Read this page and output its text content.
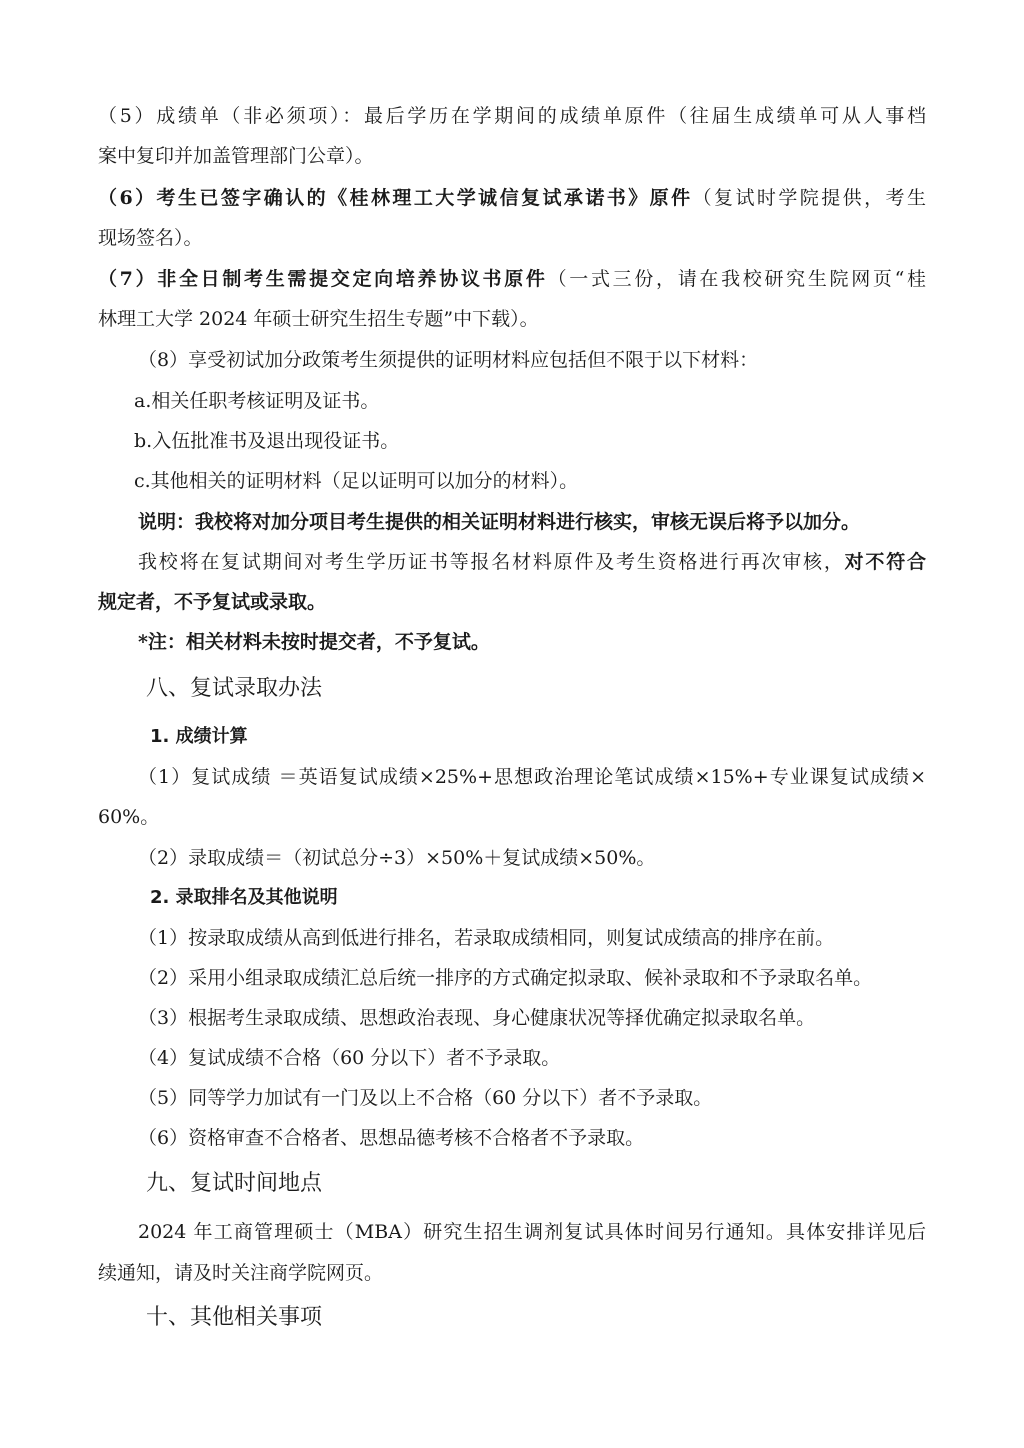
（5）成绩单（非必须项）：最后学历在学期间的成绩单原件（往届生成绩单可从人事档
案中复印并加盖管理部门公章）。
（6）考生已签字确认的《桂林理工大学诚信复试承诺书》原件（复试时学院提供，考生
现场签名）。
（7）非全日制考生需提交定向培养协议书原件（一式三份，请在我校研究生院网页“桂
林理工大学 2024 年硕士研究生招生专题”中下载）。
（8）享受初试加分政策考生须提供的证明材料应包括但不限于以下材料：
a.相关任职考核证明及证书。
b.入伍批准书及退出现役证书。
c.其他相关的证明材料（足以证明可以加分的材料）。
说明：我校将对加分项目考生提供的相关证明材料进行核实，审核无误后将予以加分。
我校将在复试期间对考生学历证书等报名材料原件及考生资格进行再次审核，对不符合
规定者，不予复试或录取。
*注：相关材料未按时提交者，不予复试。
八、复试录取办法
1. 成绩计算
（1）复试成绩 ＝英语复试成绩×25%+思想政治理论笔试成绩×15%+专业课复试成绩×
60%。
（2）录取成绩＝（初试总分÷3）×50%＋复试成绩×50%。
2. 录取排名及其他说明
（1）按录取成绩从高到低进行排名，若录取成绩相同，则复试成绩高的排序在前。
（2）采用小组录取成绩汇总后统一排序的方式确定拟录取、候补录取和不予录取名单。
（3）根据考生录取成绩、思想政治表现、身心健康状况等择优确定拟录取名单。
（4）复试成绩不合格（60 分以下）者不予录取。
（5）同等学力加试有一门及以上不合格（60 分以下）者不予录取。
（6）资格审查不合格者、思想品德考核不合格者不予录取。
九、复试时间地点
2024 年工商管理硕士（MBA）研究生招生调剂复试具体时间另行通知。具体安排详见后
续通知，请及时关注商学院网页。
十、其他相关事项
